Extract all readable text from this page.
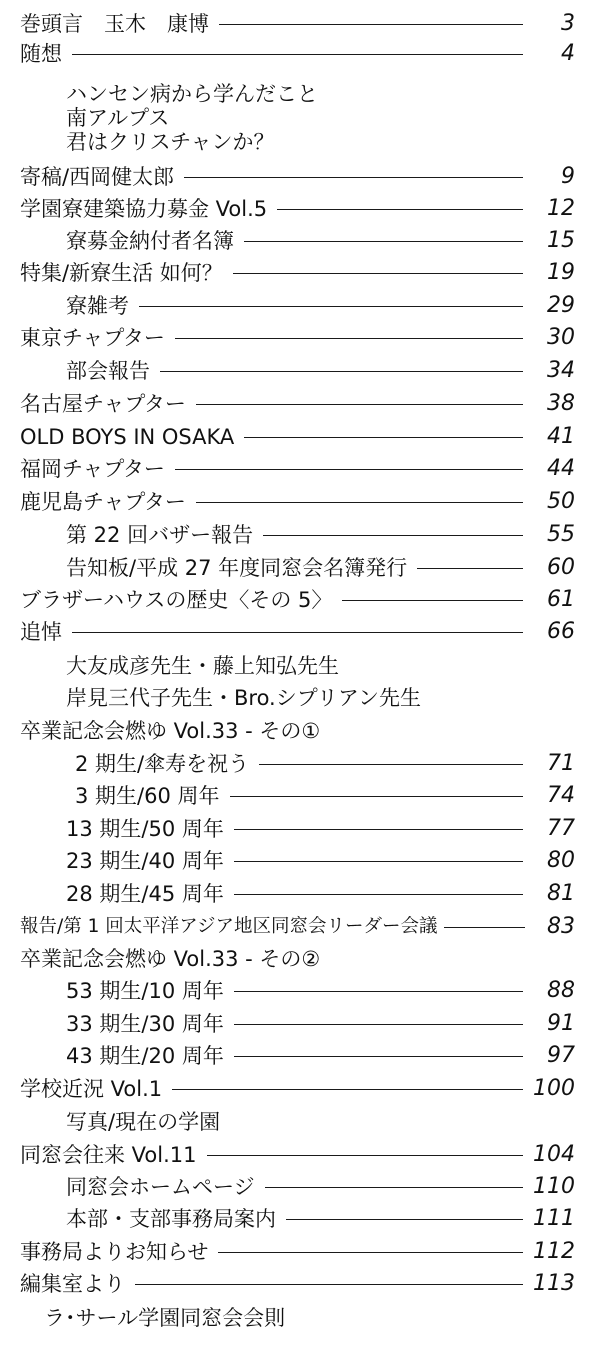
巻頭言　玉木　康博	3
随想	4
ハンセン病から学んだこと
南アルプス
君はクリスチャンか？
寄稿/西岡健太郎	9
学園寮建築協力募金 Vol.5	12
寮募金納付者名簿	15
特集/新寮生活 如何？	19
寮雑考	29
東京チャプター	30
部会報告	34
名古屋チャプター	38
OLD BOYS IN OSAKA	41
福岡チャプター	44
鹿児島チャプター	50
第 22 回バザー報告	55
告知板/平成 27 年度同窓会名簿発行	60
ブラザーハウスの歴史〈その 5〉	61
追悼	66
大友成彦先生・藤上知弘先生
岸見三代子先生・Bro.シプリアン先生
卒業記念会燃ゆ Vol.33 - その①
2 期生/傘寿を祝う	71
3 期生/60 周年	74
13 期生/50 周年	77
23 期生/40 周年	80
28 期生/45 周年	81
報告/第 1 回太平洋アジア地区同窓会リーダー会議	83
卒業記念会燃ゆ Vol.33 - その②
53 期生/10 周年	88
33 期生/30 周年	91
43 期生/20 周年	97
学校近況 Vol.1	100
写真/現在の学園
同窓会往来 Vol.11	104
同窓会ホームページ	110
本部・支部事務局案内	111
事務局よりお知らせ	112
編集室より	113
ラ･サール学園同窓会会則
